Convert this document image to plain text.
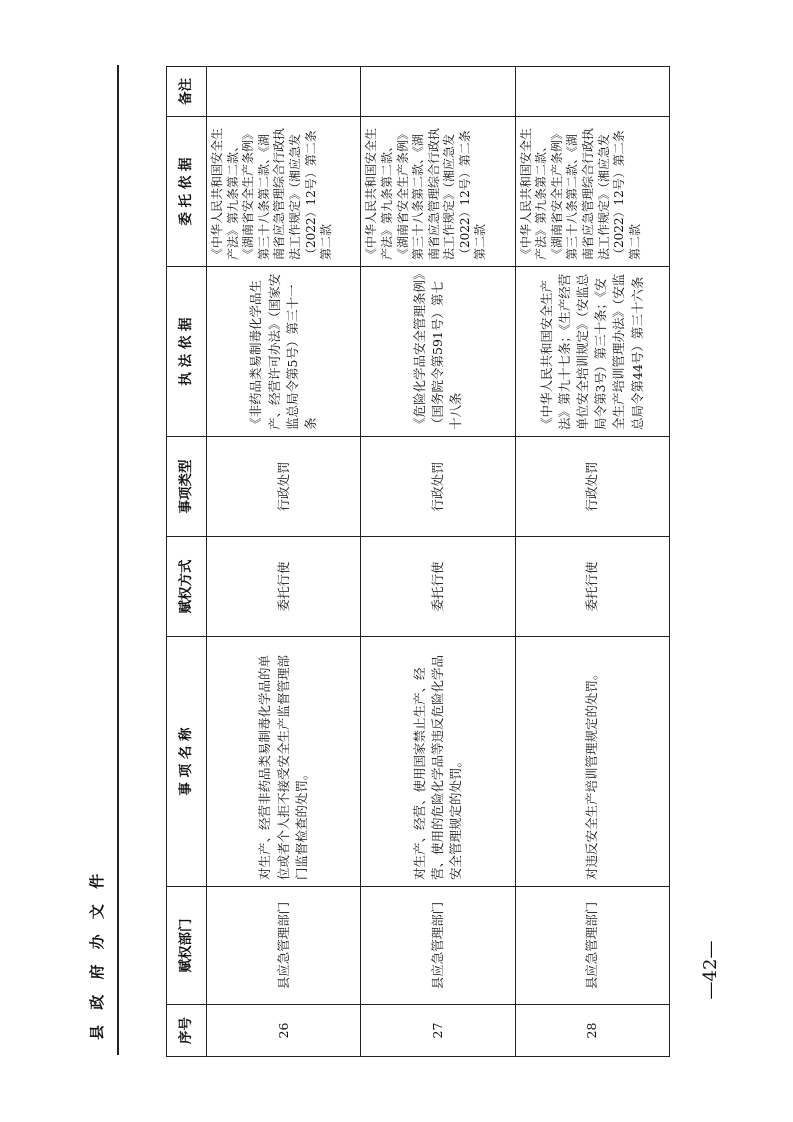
县 政 府 办 文 件	—42—
序号	赋权部门	事 项 名 称	赋权方式	事项类型	执 法 依 据	委 托 依 据	备注
26	县应急管理部门	对生产、经营非药品类易制毒化学品的单位或者个人拒不接受安全生产监督管理部门监督检查的处罚。	委托行使	行政处罚	《非药品类易制毒化学品生产、经营许可办法》（国家安监总局令第5号）第三十一条	《中华人民共和国安全生产法》第九条第二款、《湖南省安全生产条例》第三十八条第二款、《湖南省应急管理综合行政执法工作规定》（湘应急发（2022）12号）第二条第二款	
27	县应急管理部门	对生产、经营、使用国家禁止生产、经营、使用的危险化学品等违反危险化学品安全管理规定的处罚。	委托行使	行政处罚	《危险化学品安全管理条例》（国务院令第591号）第七十八条	《中华人民共和国安全生产法》第九条第二款、《湖南省安全生产条例》第三十八条第二款、《湖南省应急管理综合行政执法工作规定》（湘应急发（2022）12号）第二条第二款	
28	县应急管理部门	对违反安全生产培训管理规定的处罚。	委托行使	行政处罚	《中华人民共和国安全生产法》第九十七条；《生产经营单位安全培训规定》（安监总局令第3号）第三十条；《安全生产培训管理办法》（安监总局令第44号）第三十六条	《中华人民共和国安全生产法》第九条第二款、《湖南省安全生产条例》第三十八条第二款、《湖南省应急管理综合行政执法工作规定》（湘应急发（2022）12号）第二条第二款	
